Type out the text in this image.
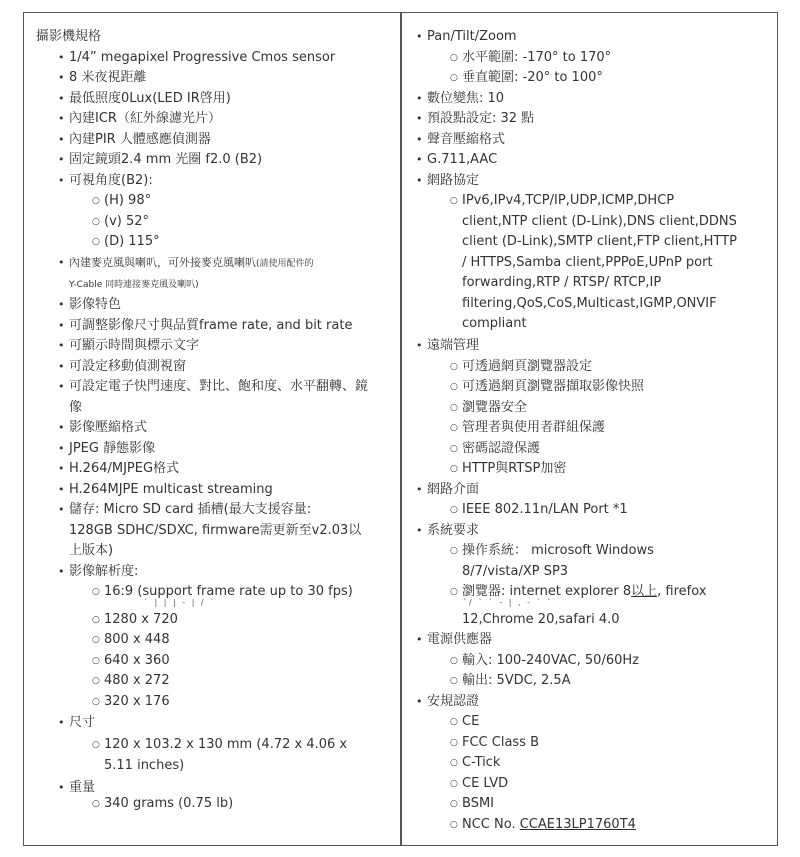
攝影機規格
• 1/4” megapixel Progressive Cmos sensor
• 8 米夜視距離
• 最低照度0Lux(LED IR啓用)
• 內建ICR（紅外線濾光片）
• 內建PIR 人體感應偵測器
• 固定鏡頭2.4 mm 光圈 f2.0 (B2)
• 可視角度(B2):
○ (H) 98°
○ (v) 52°
○ (D) 115°
• 內建麥克風與喇叭，可外接麥克風喇叭(請使用配件的
Y-Cable 同時連接麥克風及喇叭)
• 影像特色
• 可調整影像尺寸與品質frame rate, and bit rate
• 可顯示時間與標示文字
• 可設定移動偵測視窗
• 可設定電子快門速度、對比、飽和度、水平翻轉、鏡
像
• 影像壓縮格式
• JPEG 靜態影像
• H.264/MJPEG格式
• H.264MJPE multicast streaming
• 儲存: Micro SD card 插槽(最大支援容量:
128GB SDHC/SDXC, firmware需更新至v2.03以
上版本)
• 影像解析度:
○ 16:9 (support frame rate up to 30 fps)
` | | | - | / `
○ 1280 x 720
○ 800 x 448
○ 640 x 360
○ 480 x 272
○ 320 x 176
• 尺寸
○ 120 x 103.2 x 130 mm (4.72 x 4.06 x
5.11 inches)
• 重量
○ 340 grams (0.75 lb)
• Pan/Tilt/Zoom
○ 水平範圍: -170° to 170°
○ 垂直範圍: -20° to 100°
• 數位變焦: 10
• 預設點設定: 32 點
• 聲音壓縮格式
• G.711,AAC
• 網路協定
○ IPv6,IPv4,TCP/IP,UDP,ICMP,DHCP
client,NTP client (D-Link),DNS client,DDNS
client (D-Link),SMTP client,FTP client,HTTP
/ HTTPS,Samba client,PPPoE,UPnP port
forwarding,RTP / RTSP/ RTCP,IP
filtering,QoS,CoS,Multicast,IGMP,ONVIF
compliant
• 遠端管理
○ 可透過網頁瀏覽器設定
○ 可透過網頁瀏覽器擷取影像快照
○ 瀏覽器安全
○ 管理者與使用者群組保護
○ 密碼認證保護
○ HTTP與RTSP加密
• 網路介面
○ IEEE 802.11n/LAN Port *1
• 系統要求
○ 操作系統： microsoft Windows
8/7/vista/XP SP3
○ 瀏覽器: internet explorer 8以上, firefox
`/ ` ` - | , - ` `
12,Chrome 20,safari 4.0
• 電源供應器
○ 輸入: 100-240VAC, 50/60Hz
○ 輸出: 5VDC, 2.5A
• 安規認證
○ CE
○ FCC Class B
○ C-Tick
○ CE LVD
○ BSMI
○ NCC No. CCAE13LP1760T4
